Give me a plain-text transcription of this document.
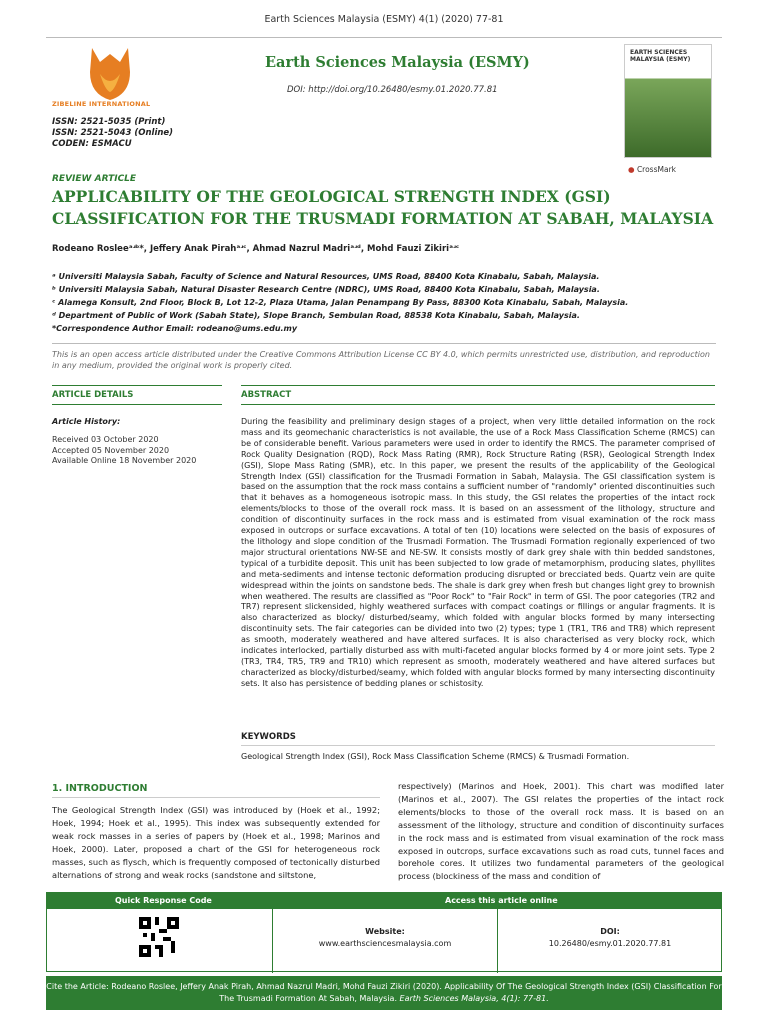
Earth Sciences Malaysia (ESMY) 4(1) (2020) 77-81
ZIBELINE INTERNATIONAL
ISSN: 2521-5035 (Print)
ISSN: 2521-5043 (Online)
CODEN: ESMACU
Earth Sciences Malaysia (ESMY)
DOI: http://doi.org/10.26480/esmy.01.2020.77.81
EARTH SCIENCES MALAYSIA (ESMY)
● CrossMark
REVIEW ARTICLE
APPLICABILITY OF THE GEOLOGICAL STRENGTH INDEX (GSI) CLASSIFICATION FOR THE TRUSMADI FORMATION AT SABAH, MALAYSIA
Rodeano Rosleeᵃʴᵇ*, Jeffery Anak Pirahᵃʴᶜ, Ahmad Nazrul Madriᵃʴᵈ, Mohd Fauzi Zikiriᵃʴᶜ
ᵃ Universiti Malaysia Sabah, Faculty of Science and Natural Resources, UMS Road, 88400 Kota Kinabalu, Sabah, Malaysia.
ᵇ Universiti Malaysia Sabah, Natural Disaster Research Centre (NDRC), UMS Road, 88400 Kota Kinabalu, Sabah, Malaysia.
ᶜ Alamega Konsult, 2nd Floor, Block B, Lot 12-2, Plaza Utama, Jalan Penampang By Pass, 88300 Kota Kinabalu, Sabah, Malaysia.
ᵈ Department of Public of Work (Sabah State), Slope Branch, Sembulan Road, 88538 Kota Kinabalu, Sabah, Malaysia.
*Correspondence Author Email: rodeano@ums.edu.my
This is an open access article distributed under the Creative Commons Attribution License CC BY 4.0, which permits unrestricted use, distribution, and reproduction in any medium, provided the original work is properly cited.
ARTICLE DETAILS	ABSTRACT
Article History:
Received 03 October 2020
Accepted 05 November 2020
Available Online 18 November 2020
During the feasibility and preliminary design stages of a project, when very little detailed information on the rock mass and its geomechanic characteristics is not available, the use of a Rock Mass Classification Scheme (RMCS) can be of considerable benefit. Various parameters were used in order to identify the RMCS. The parameter comprised of Rock Quality Designation (RQD), Rock Mass Rating (RMR), Rock Structure Rating (RSR), Geological Strength Index (GSI), Slope Mass Rating (SMR), etc. In this paper, we present the results of the applicability of the Geological Strength Index (GSI) classification for the Trusmadi Formation in Sabah, Malaysia. The GSI classification system is based on the assumption that the rock mass contains a sufficient number of "randomly" oriented discontinuities such that it behaves as a homogeneous isotropic mass. In this study, the GSI relates the properties of the intact rock elements/blocks to those of the overall rock mass. It is based on an assessment of the lithology, structure and condition of discontinuity surfaces in the rock mass and is estimated from visual examination of the rock mass exposed in outcrops or surface excavations. A total of ten (10) locations were selected on the basis of exposures of the lithology and slope condition of the Trusmadi Formation. The Trusmadi Formation regionally experienced of two major structural orientations NW-SE and NE-SW. It consists mostly of dark grey shale with thin bedded sandstones, typical of a turbidite deposit. This unit has been subjected to low grade of metamorphism, producing slates, phyllites and meta-sediments and intense tectonic deformation producing disrupted or brecciated beds. Quartz vein are quite widespread within the joints on sandstone beds. The shale is dark grey when fresh but changes light grey to brownish when weathered. The results are classified as "Poor Rock" to "Fair Rock" in term of GSI. The poor categories (TR2 and TR7) represent slickensided, highly weathered surfaces with compact coatings or fillings or angular fragments. It is also characterized as blocky/ disturbed/seamy, which folded with angular blocks formed by many intersecting discontinuity sets. The fair categories can be divided into two (2) types; type 1 (TR1, TR6 and TR8) which represent as smooth, moderately weathered and have altered surfaces. It is also characterised as very blocky rock, which indicates interlocked, partially disturbed ass with multi-faceted angular blocks formed by 4 or more joint sets. Type 2 (TR3, TR4, TR5, TR9 and TR10) which represent as smooth, moderately weathered and have altered surfaces but characterized as blocky/disturbed/seamy, which folded with angular blocks formed by many intersecting discontinuity sets. It also has persistence of bedding planes or schistosity.
KEYWORDS
Geological Strength Index (GSI), Rock Mass Classification Scheme (RMCS) & Trusmadi Formation.
1. INTRODUCTION
The Geological Strength Index (GSI) was introduced by (Hoek et al., 1992; Hoek, 1994; Hoek et al., 1995). This index was subsequently extended for weak rock masses in a series of papers by (Hoek et al., 1998; Marinos and Hoek, 2000). Later, proposed a chart of the GSI for heterogeneous rock masses, such as flysch, which is frequently composed of tectonically disturbed alternations of strong and weak rocks (sandstone and siltstone,
respectively) (Marinos and Hoek, 2001). This chart was modified later (Marinos et al., 2007). The GSI relates the properties of the intact rock elements/blocks to those of the overall rock mass. It is based on an assessment of the lithology, structure and condition of discontinuity surfaces in the rock mass and is estimated from visual examination of the rock mass exposed in outcrops, surface excavations such as road cuts, tunnel faces and borehole cores. It utilizes two fundamental parameters of the geological process (blockiness of the mass and condition of
Quick Response Code	Access this article online
Website:
www.earthsciencesmalaysia.com
DOI:
10.26480/esmy.01.2020.77.81
Cite the Article: Rodeano Roslee, Jeffery Anak Pirah, Ahmad Nazrul Madri, Mohd Fauzi Zikiri (2020). Applicability Of The Geological Strength Index (GSI) Classification For The Trusmadi Formation At Sabah, Malaysia. Earth Sciences Malaysia, 4(1): 77-81.
